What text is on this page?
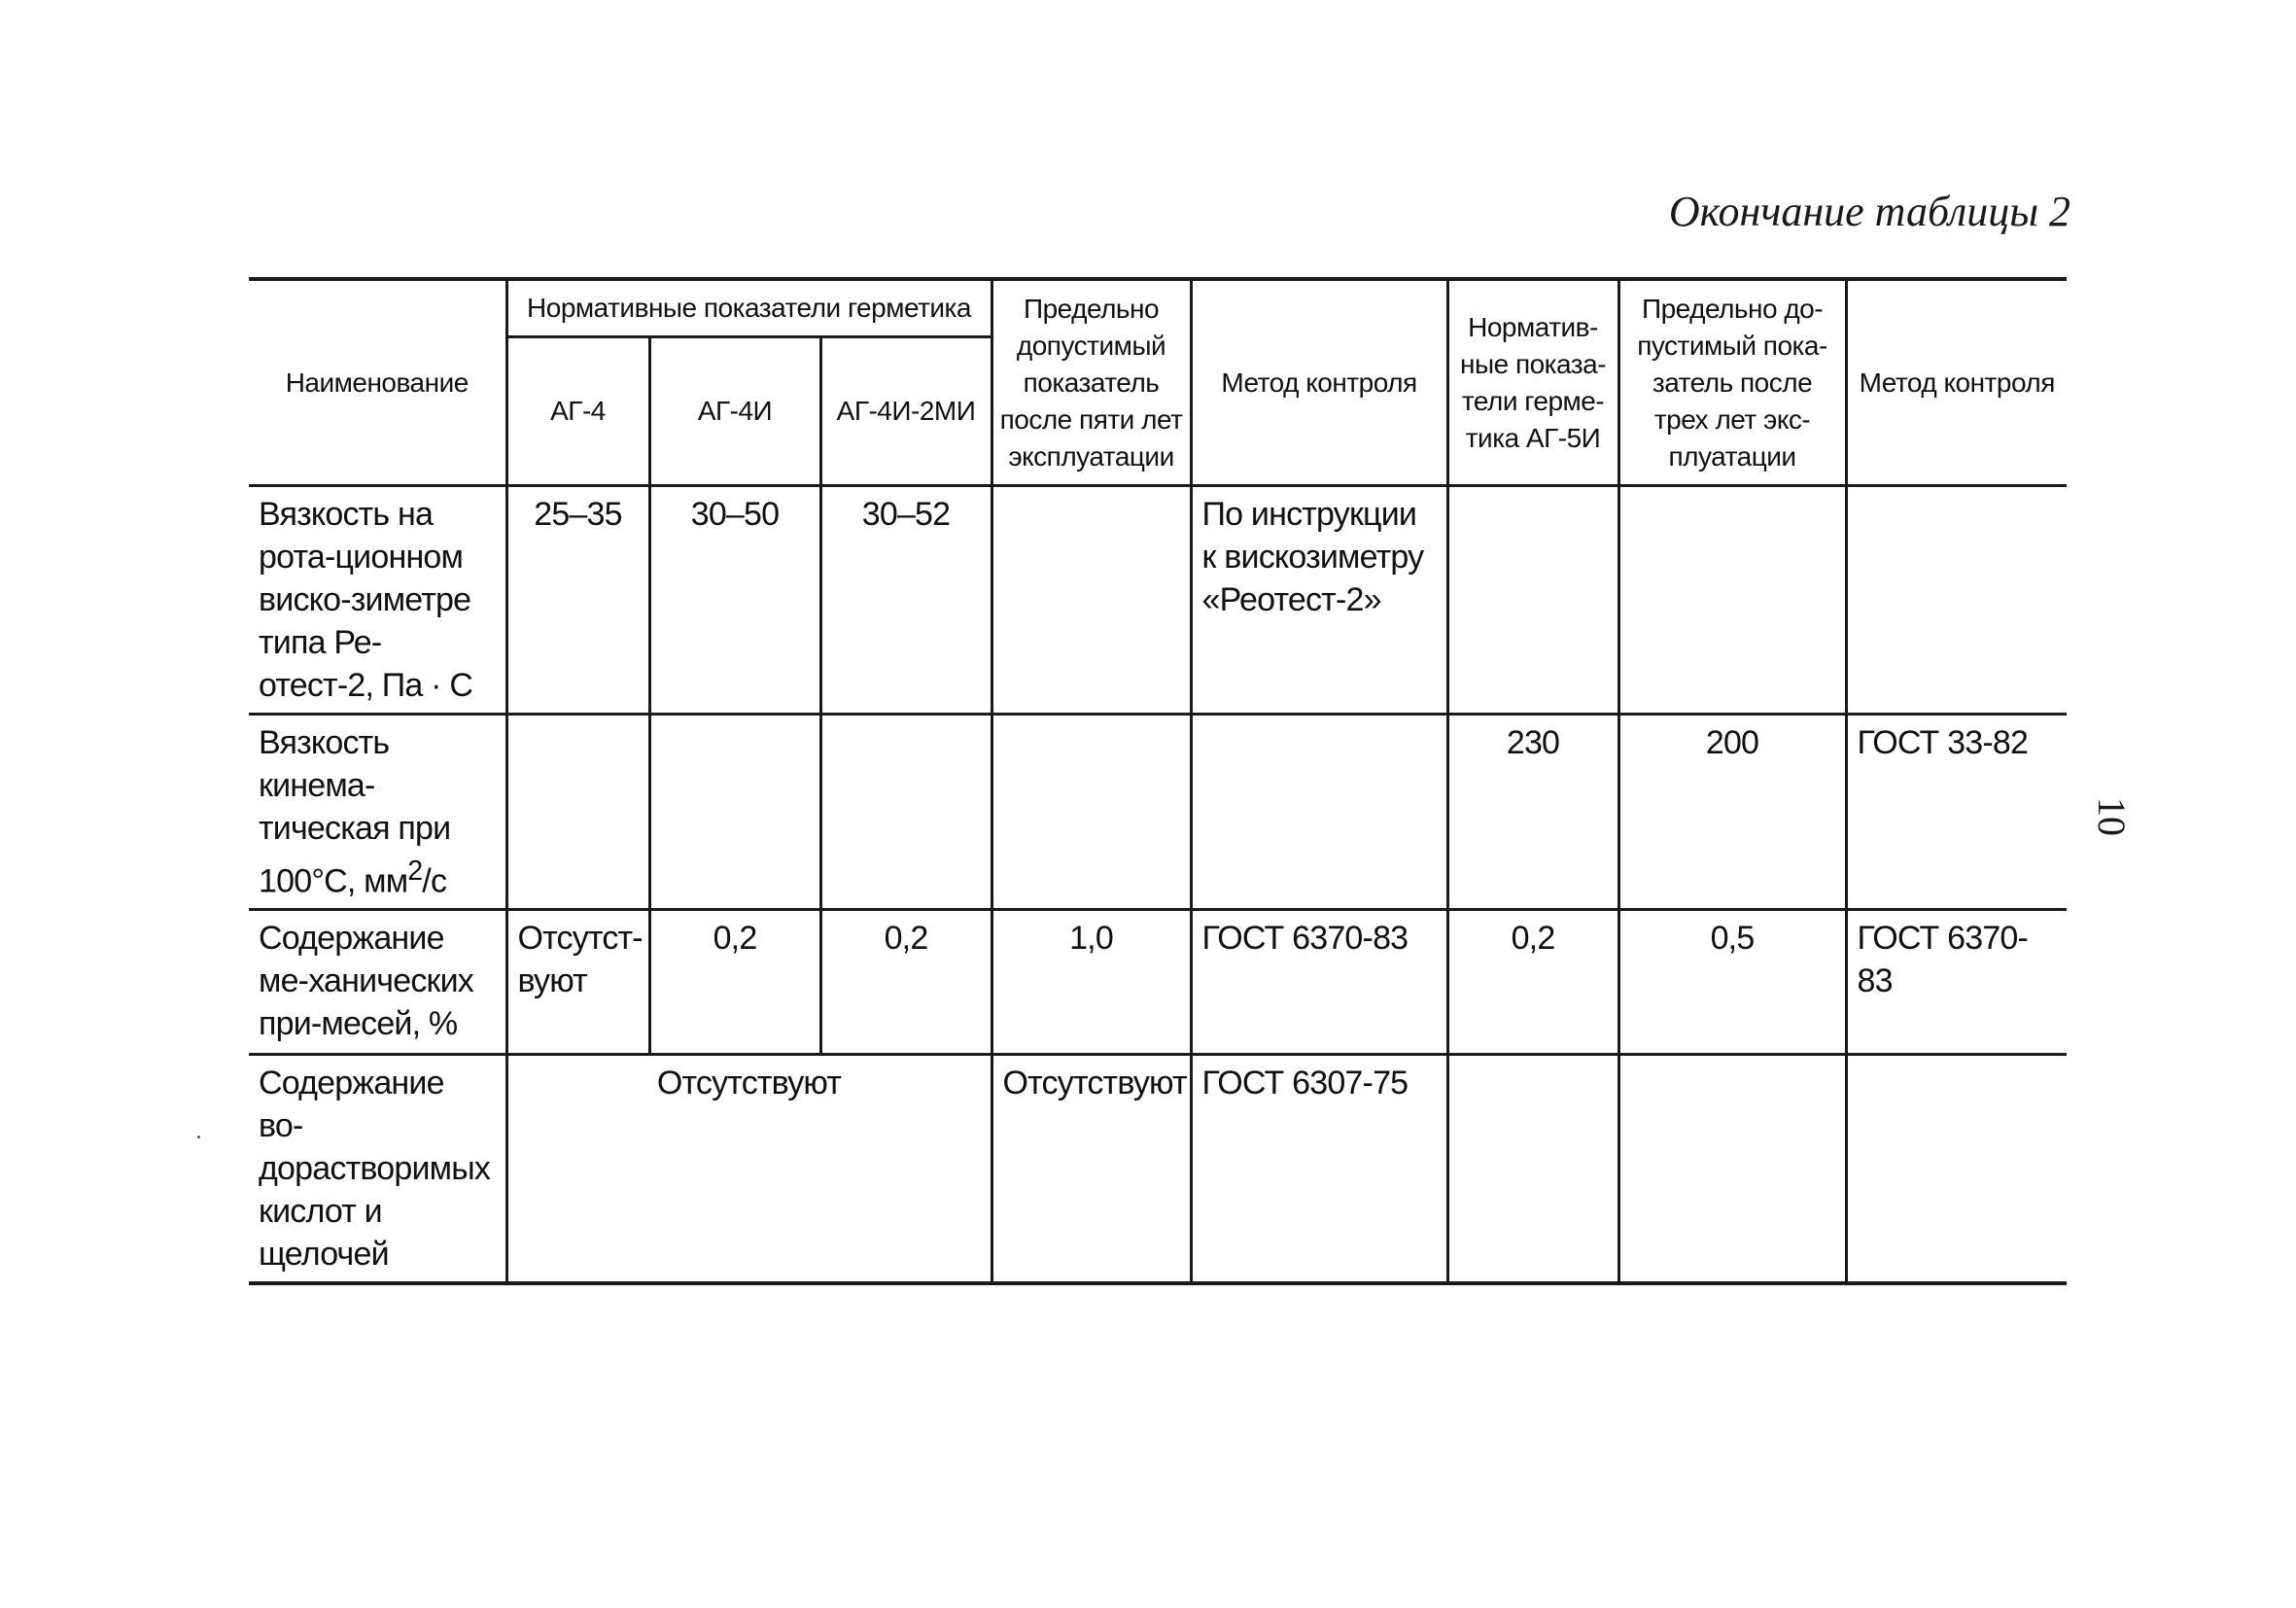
Окончание таблицы 2
10
Наименование	Нормативные показатели герметика			Предельно допустимый показатель после пяти лет эксплуатации	Метод контроля	Норматив-ные показа-тели герме-тика АГ-5И	Предельно до-пустимый пока-затель после трех лет экс-плуатации	Метод контроля
	АГ-4	АГ-4И	АГ-4И-2МИ					
Вязкость на рота-ционном виско-зиметре типа Ре-отест-2, Па · С	25–35	30–50	30–52		По инструкции к вискозиметру «Реотест-2»			
Вязкость кинема-тическая при 100°С, $мм^2/с$						230	200	ГОСТ 33-82
Содержание ме-ханических при-месей, %	Отсутст-вуют	0,2	0,2	1,0	ГОСТ 6370-83	0,2	0,5	ГОСТ 6370-83
Содержание во-дорастворимых кислот и щелочей	Отсутствуют			Отсутствуют	ГОСТ 6307-75			
